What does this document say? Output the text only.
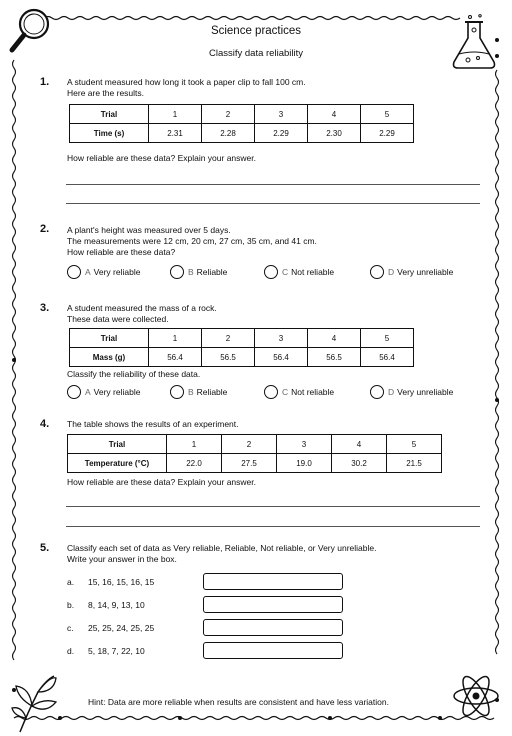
Science practices
Classify data reliability
1. A student measured how long it took a paper clip to fall 100 cm.
Here are the results.
Trial	1	2	3	4	5
Time (s)	2.31	2.28	2.29	2.30	2.29
How reliable are these data? Explain your answer.
2. A plant's height was measured over 5 days.
The measurements were 12 cm, 20 cm, 27 cm, 35 cm, and 41 cm.
How reliable are these data?
A Very reliable	B Reliable	C Not reliable	D Very unreliable
3. A student measured the mass of a rock.
These data were collected.
Trial	1	2	3	4	5
Mass (g)	56.4	56.5	56.4	56.5	56.4
Classify the reliability of these data.
A Very reliable	B Reliable	C Not reliable	D Very unreliable
4. The table shows the results of an experiment.
Trial	1	2	3	4	5
Temperature (°C)	22.0	27.5	19.0	30.2	21.5
How reliable are these data? Explain your answer.
5. Classify each set of data as Very reliable, Reliable, Not reliable, or Very unreliable.
Write your answer in the box.
a. 15, 16, 15, 16, 15
b. 8, 14, 9, 13, 10
c. 25, 25, 24, 25, 25
d. 5, 18, 7, 22, 10
Hint: Data are more reliable when results are consistent and have less variation.
